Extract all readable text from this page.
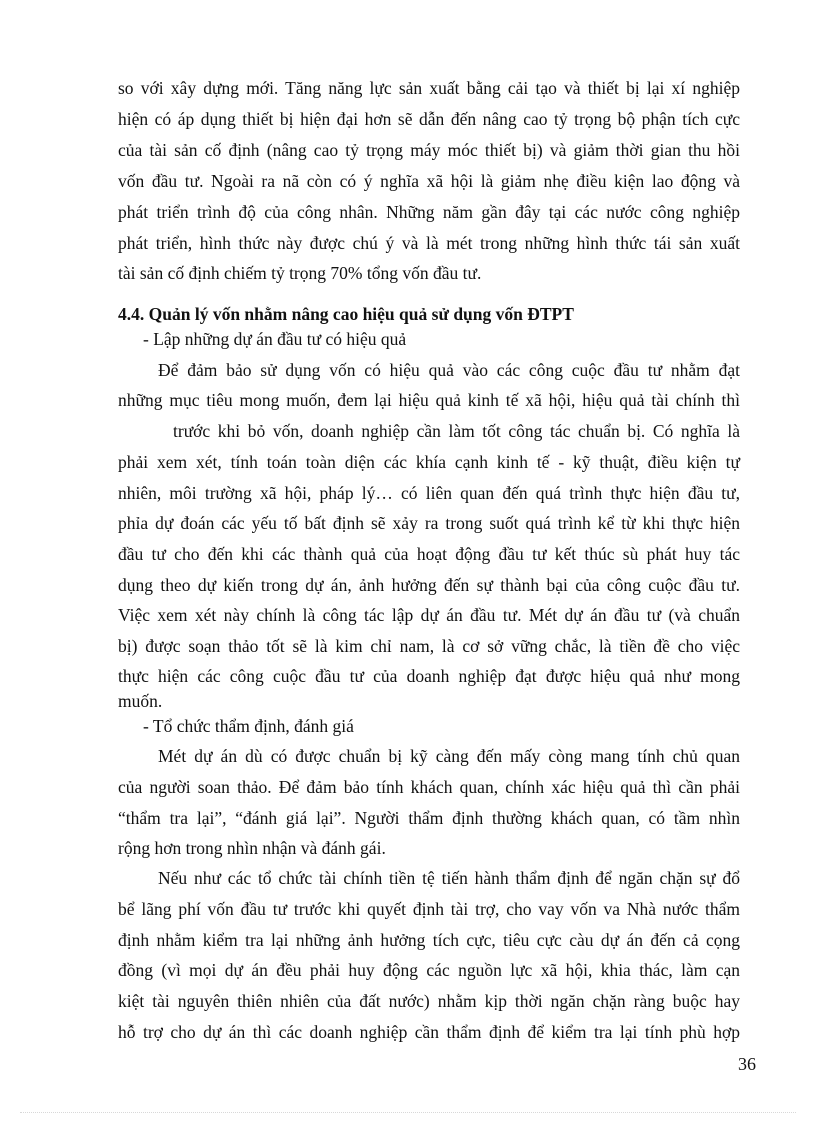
so với xây dựng mới. Tăng năng lực sản xuất bằng cải tạo và thiết bị lại xí nghiệp
hiện có áp dụng thiết bị hiện đại hơn sẽ dẫn đến nâng cao tỷ trọng bộ phận tích cực
của tài sản cố định (nâng cao tỷ trọng máy móc thiết bị) và giảm thời gian thu hồi
vốn đầu tư. Ngoài ra nã còn có ý nghĩa xã hội là giảm nhẹ điều kiện lao động và
phát triển trình độ của công nhân. Những năm gần đây tại các nước công nghiệp
phát triển, hình thức này được chú ý và là mét trong những hình thức tái sản xuất
tài sản cố định chiếm tỷ trọng 70% tổng vốn đầu tư.
4.4. Quản lý vốn nhằm nâng cao hiệu quả sử dụng vốn ĐTPT
- Lập những dự án đầu tư có hiệu quả
Để đảm bảo sử dụng vốn có hiệu quả vào các công cuộc đầu tư nhằm đạt
những mục tiêu mong muốn, đem lại hiệu quả kinh tế xã hội, hiệu quả tài chính thì
trước khi bỏ vốn, doanh nghiệp cần làm tốt công tác chuẩn bị. Có nghĩa là
phải xem xét, tính toán toàn diện các khía cạnh kinh tế - kỹ thuật, điều kiện tự
nhiên, môi trường xã hội, pháp lý… có liên quan đến quá trình thực hiện đầu tư,
phỉa dự đoán các yếu tố bất định sẽ xảy ra trong suốt quá trình kể từ khi thực hiện
đầu tư cho đến khi các thành quả của hoạt động đầu tư kết thúc sù phát huy tác
dụng theo dự kiến trong dự án, ảnh hưởng đến sự thành bại của công cuộc đầu tư.
Việc xem xét này chính là công tác lập dự án đầu tư. Mét dự án đầu tư (và chuẩn
bị) được soạn thảo tốt sẽ là kim chỉ nam, là cơ sở vững chắc, là tiền đề cho việc
thực hiện các công cuộc đầu tư của doanh nghiệp đạt được hiệu quả như mong
muốn.
- Tổ chức thẩm định, đánh giá
Mét dự án dù có được chuẩn bị kỹ càng đến mấy còng mang tính chủ quan
của người soan thảo. Để đảm bảo tính khách quan, chính xác hiệu quả thì cần phải
“thẩm tra lại”, “đánh giá lại”. Người thẩm định thường khách quan, có tầm nhìn
rộng hơn trong nhìn nhận và đánh gái.
Nếu như các tổ chức tài chính tiền tệ tiến hành thẩm định để ngăn chặn sự đổ
bể lãng phí vốn đầu tư trước khi quyết định tài trợ, cho vay vốn va Nhà nước thẩm
định nhằm kiểm tra lại những ảnh hưởng tích cực, tiêu cực càu dự án đến cả cọng
đồng (vì mọi dự án đều phải huy động các nguồn lực xã hội, khia thác, làm cạn
kiệt tài nguyên thiên nhiên của đất nước) nhằm kịp thời ngăn chặn ràng buộc hay
hỗ trợ cho dự án thì các doanh nghiệp cần thẩm định để kiểm tra lại tính phù hợp
36
